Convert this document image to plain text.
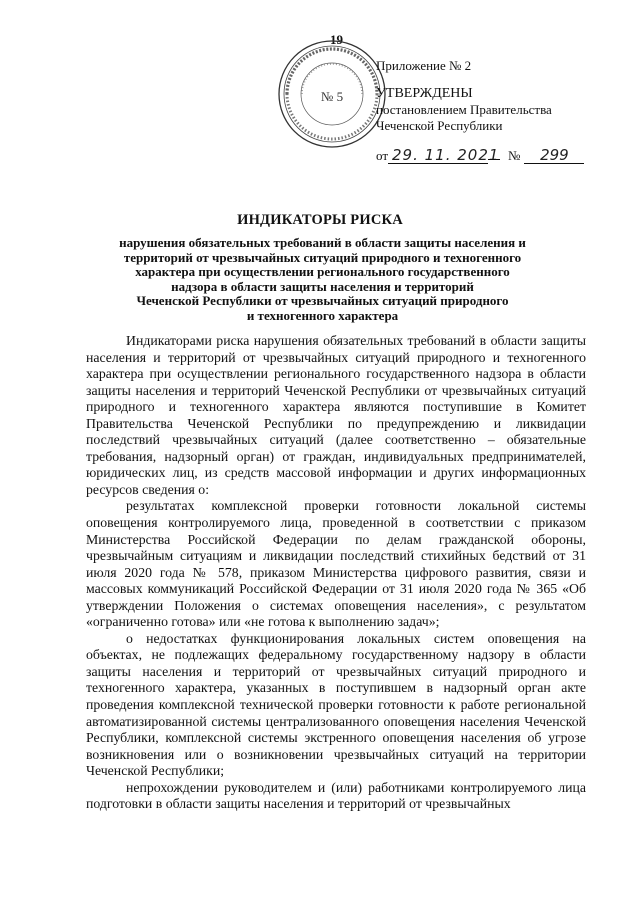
19
№ 5
Приложение № 2
УТВЕРЖДЕНЫ
постановлением Правительства
Чеченской Республики
от 29. 11. 2021 №	299
ИНДИКАТОРЫ РИСКА
нарушения обязательных требований в области защиты населения и
территорий от чрезвычайных ситуаций природного и техногенного
характера при осуществлении регионального государственного
надзора в области защиты населения и территорий
Чеченской Республики от чрезвычайных ситуаций природного
и техногенного характера

Индикаторами риска нарушения обязательных требований в области защиты населения и территорий от чрезвычайных ситуаций природного и техногенного характера при осуществлении регионального государственного надзора в области защиты населения и территорий Чеченской Республики от чрезвычайных ситуаций природного и техногенного характера являются поступившие в Комитет Правительства Чеченской Республики по предупреждению и ликвидации последствий чрезвычайных ситуаций (далее соответственно – обязательные требования, надзорный орган) от граждан, индивидуальных предпринимателей, юридических лиц, из средств массовой информации и других информационных ресурсов сведения о:

результатах комплексной проверки готовности локальной системы оповещения контролируемого лица, проведенной в соответствии с приказом Министерства Российской Федерации по делам гражданской обороны, чрезвычайным ситуациям и ликвидации последствий стихийных бедствий от 31 июля 2020 года № 578, приказом Министерства цифрового развития, связи и массовых коммуникаций Российской Федерации от 31 июля 2020 года № 365 «Об утверждении Положения о системах оповещения населения», с результатом «ограниченно готова» или «не готова к выполнению задач»;

о недостатках функционирования локальных систем оповещения на объектах, не подлежащих федеральному государственному надзору в области защиты населения и территорий от чрезвычайных ситуаций природного и техногенного характера, указанных в поступившем в надзорный орган акте проведения комплексной технической проверки готовности к работе региональной автоматизированной системы централизованного оповещения населения Чеченской Республики, комплексной системы экстренного оповещения населения об угрозе возникновения или о возникновении чрезвычайных ситуаций на территории Чеченской Республики;

непрохождении руководителем и (или) работниками контролируемого лица подготовки в области защиты населения и территорий от чрезвычайных
